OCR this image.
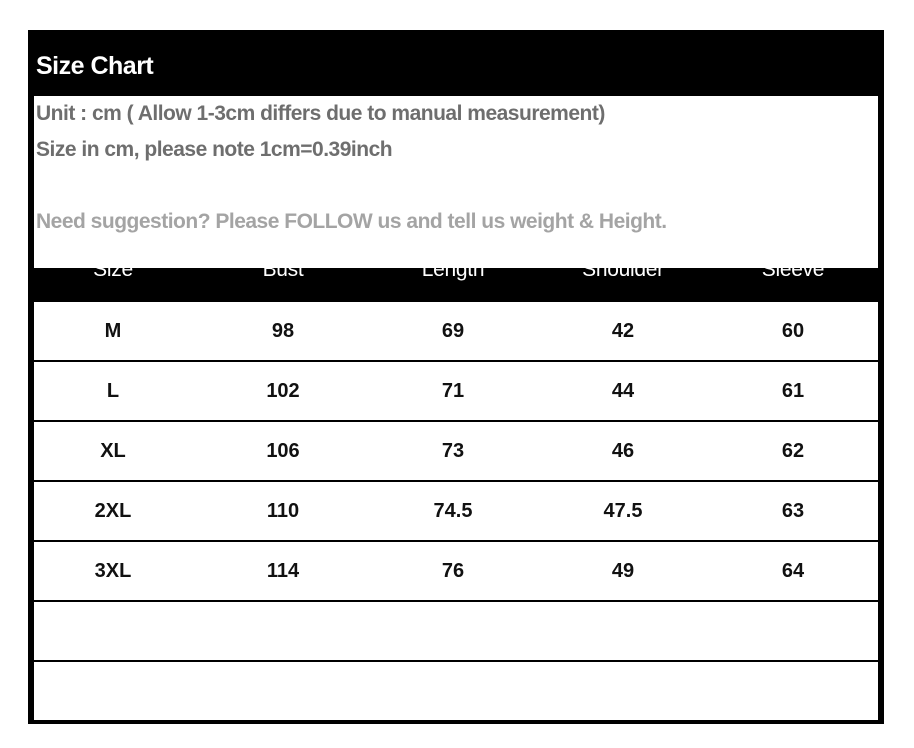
Size Chart
Unit : cm ( Allow 1-3cm differs due to manual measurement)
Size in cm, please note 1cm=0.39inch
Need suggestion? Please FOLLOW us and tell us weight & Height.
Size	Bust	Length	Shoulder	Sleeve
M	98	69	42	60
L	102	71	44	61
XL	106	73	46	62
2XL	110	74.5	47.5	63
3XL	114	76	49	64
